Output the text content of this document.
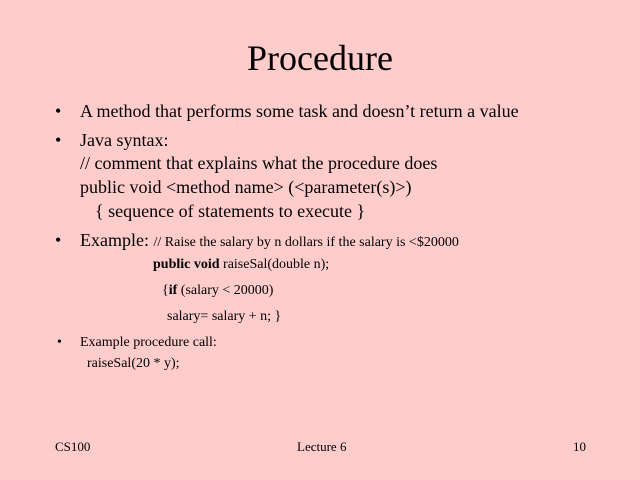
Procedure
• A method that performs some task and doesn’t return a value
• Java syntax:
// comment that explains what the procedure does
public void <method name> (<parameter(s)>)
{ sequence of statements to execute }
• Example: // Raise the salary by n dollars if the salary is <$20000
public void raiseSal(double n);
{if (salary < 20000)
salary= salary + n; }
• Example procedure call:
raiseSal(20 * y);
CS100	Lecture 6	10
